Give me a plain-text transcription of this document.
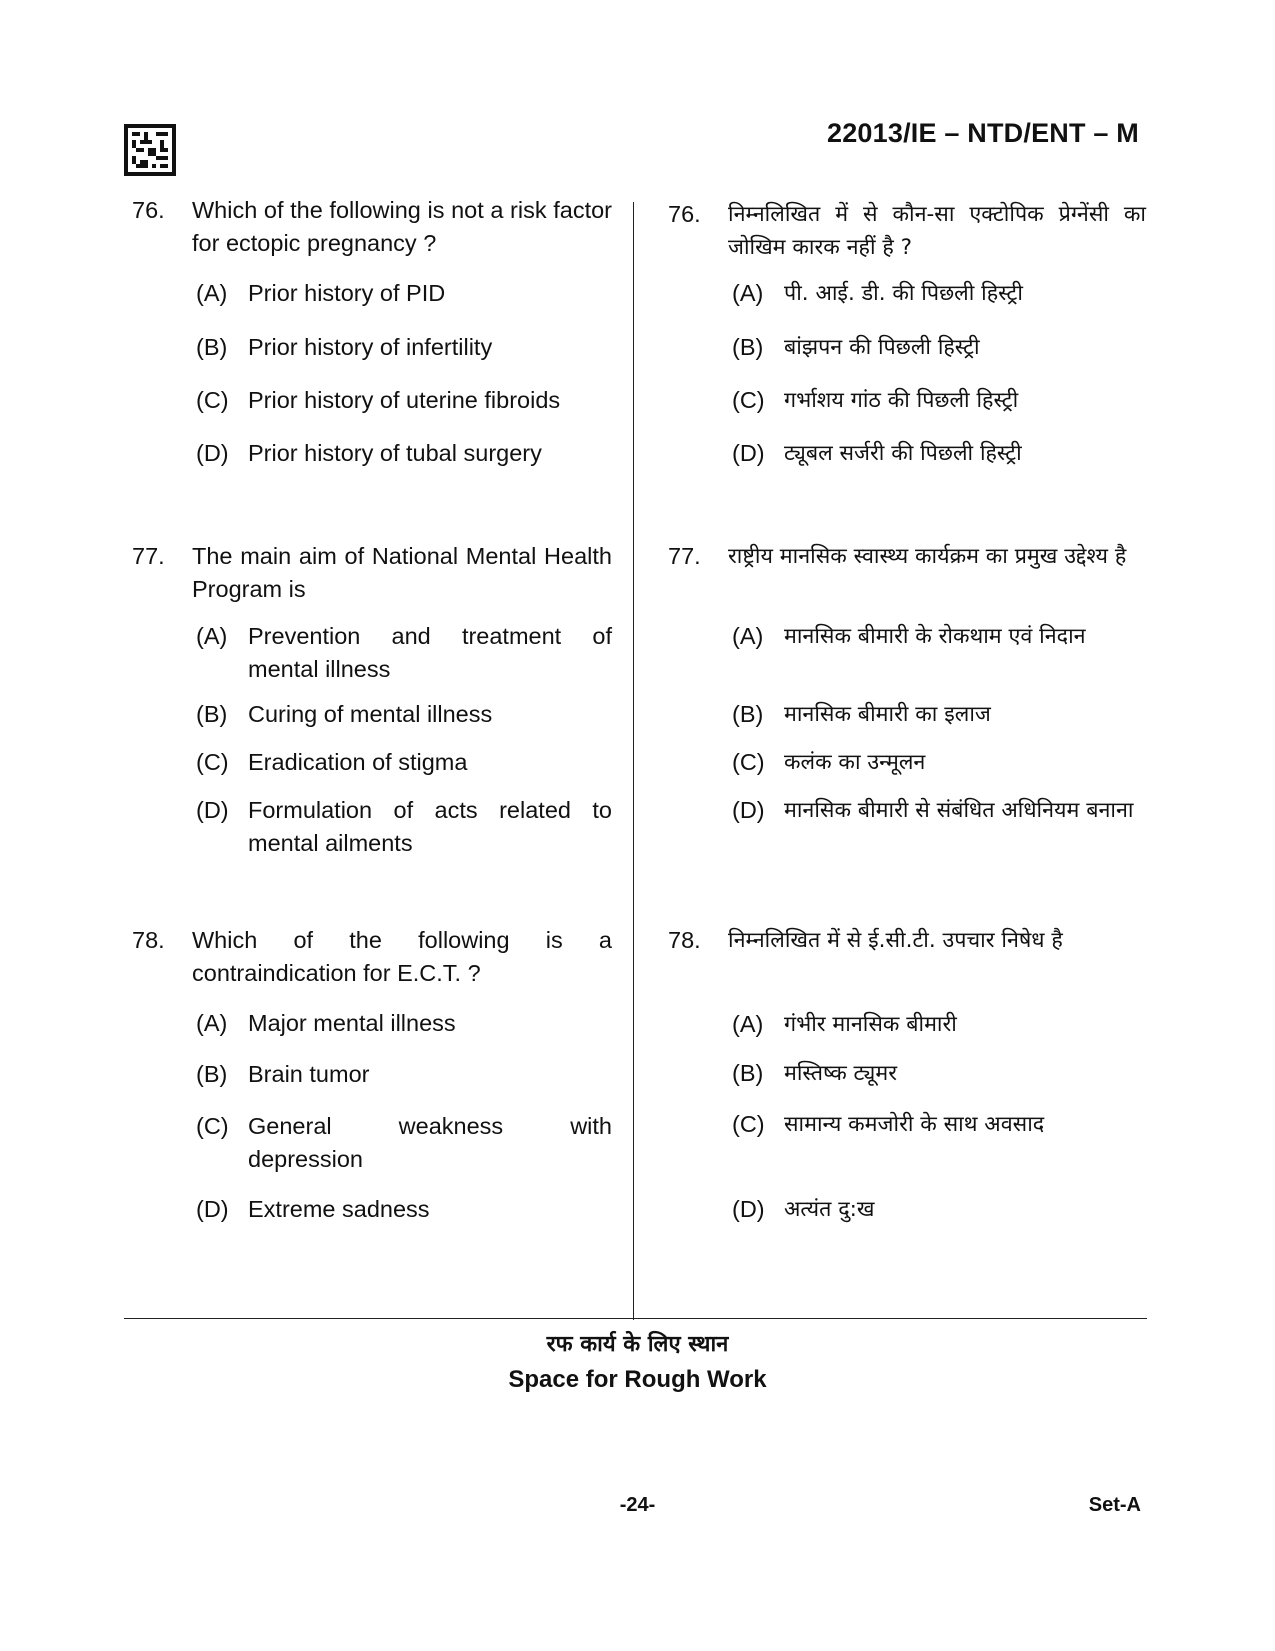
22013/IE – NTD/ENT – M
76.	Which of the following is not a risk factor for ectopic pregnancy ?
(A) Prior history of PID
(B) Prior history of infertility
(C) Prior history of uterine fibroids
(D) Prior history of tubal surgery
77.	The main aim of National Mental Health Program is
(A) Prevention and treatment of mental illness
(B) Curing of mental illness
(C) Eradication of stigma
(D) Formulation of acts related to mental ailments
78.	Which of the following is a contraindication for E.C.T. ?
(A) Major mental illness
(B) Brain tumor
(C) General weakness with depression
(D) Extreme sadness
76.	निम्नलिखित में से कौन-सा एक्टोपिक प्रेग्नेंसी का जोखिम कारक नहीं है ?
(A) पी. आई. डी. की पिछली हिस्ट्री
(B) बांझपन की पिछली हिस्ट्री
(C) गर्भाशय गांठ की पिछली हिस्ट्री
(D) ट्यूबल सर्जरी की पिछली हिस्ट्री
77.	राष्ट्रीय मानसिक स्वास्थ्य कार्यक्रम का प्रमुख उद्देश्य है
(A) मानसिक बीमारी के रोकथाम एवं निदान
(B) मानसिक बीमारी का इलाज
(C) कलंक का उन्मूलन
(D) मानसिक बीमारी से संबंधित अधिनियम बनाना
78.	निम्नलिखित में से ई.सी.टी. उपचार निषेध है
(A) गंभीर मानसिक बीमारी
(B) मस्तिष्क ट्यूमर
(C) सामान्य कमजोरी के साथ अवसाद
(D) अत्यंत दु:ख
रफ कार्य के लिए स्थान
Space for Rough Work
-24-	Set-A
